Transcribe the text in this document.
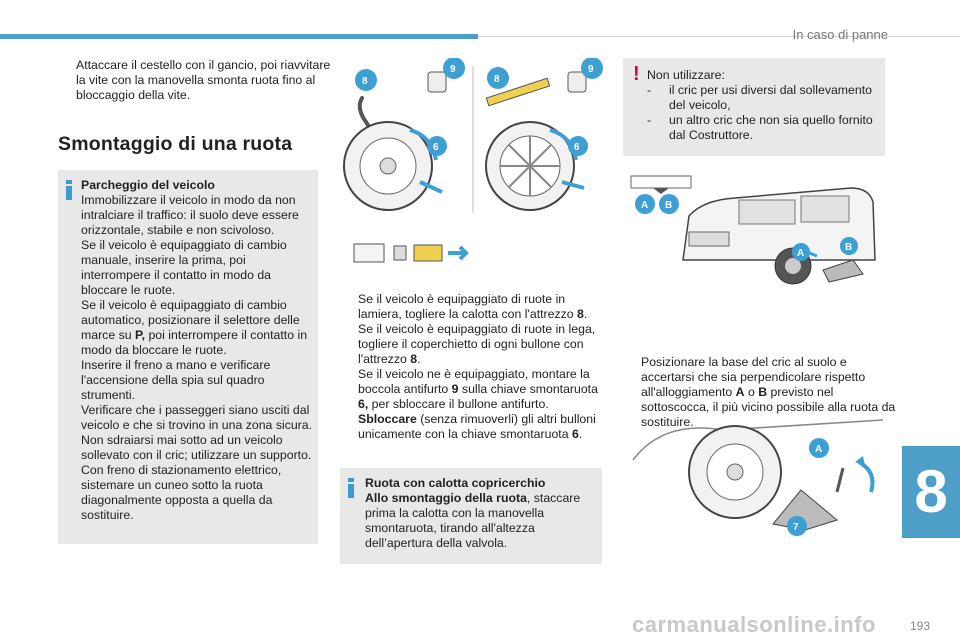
In caso di panne
Attaccare il cestello con il gancio, poi riavvitare la vite con la manovella smonta ruota fino al bloccaggio della vite.
Smontaggio di una ruota
Parcheggio del veicolo
Immobilizzare il veicolo in modo da non intralciare il traffico: il suolo deve essere orizzontale, stabile e non scivoloso.
Se il veicolo è equipaggiato di cambio manuale, inserire la prima, poi interrompere il contatto in modo da bloccare le ruote.
Se il veicolo è equipaggiato di cambio automatico, posizionare il selettore delle marce su P, poi interrompere il contatto in modo da bloccare le ruote.
Inserire il freno a mano e verificare l'accensione della spia sul quadro strumenti.
Verificare che i passeggeri siano usciti dal veicolo e che si trovino in una zona sicura.
Non sdraiarsi mai sotto ad un veicolo sollevato con il cric; utilizzare un supporto.
Con freno di stazionamento elettrico, sistemare un cuneo sotto la ruota diagonalmente opposta a quella da sostituire.
8
9
6
8
9
6
Se il veicolo è equipaggiato di ruote in lamiera, togliere la calotta con l'attrezzo 8.
Se il veicolo è equipaggiato di ruote in lega, togliere il coperchietto di ogni bullone con l'attrezzo 8.
Se il veicolo ne è equipaggiato, montare la boccola antifurto 9 sulla chiave smontaruota 6, per sbloccare il bullone antifurto.
Sbloccare (senza rimuoverli) gli altri bulloni unicamente con la chiave smontaruota 6.
Ruota con calotta copricerchio
Allo smontaggio della ruota, staccare prima la calotta con la manovella smontaruota, tirando all'altezza dell’apertura della valvola.
! Non utilizzare:
- il cric per usi diversi dal sollevamento del veicolo,
- un altro cric che non sia quello fornito dal Costruttore.
A B
A
B
Posizionare la base del cric al suolo e accertarsi che sia perpendicolare rispetto all'alloggiamento A o B previsto nel sottoscocca, il più vicino possibile alla ruota da sostituire.
A
7
8
carmanualsonline.info	193
